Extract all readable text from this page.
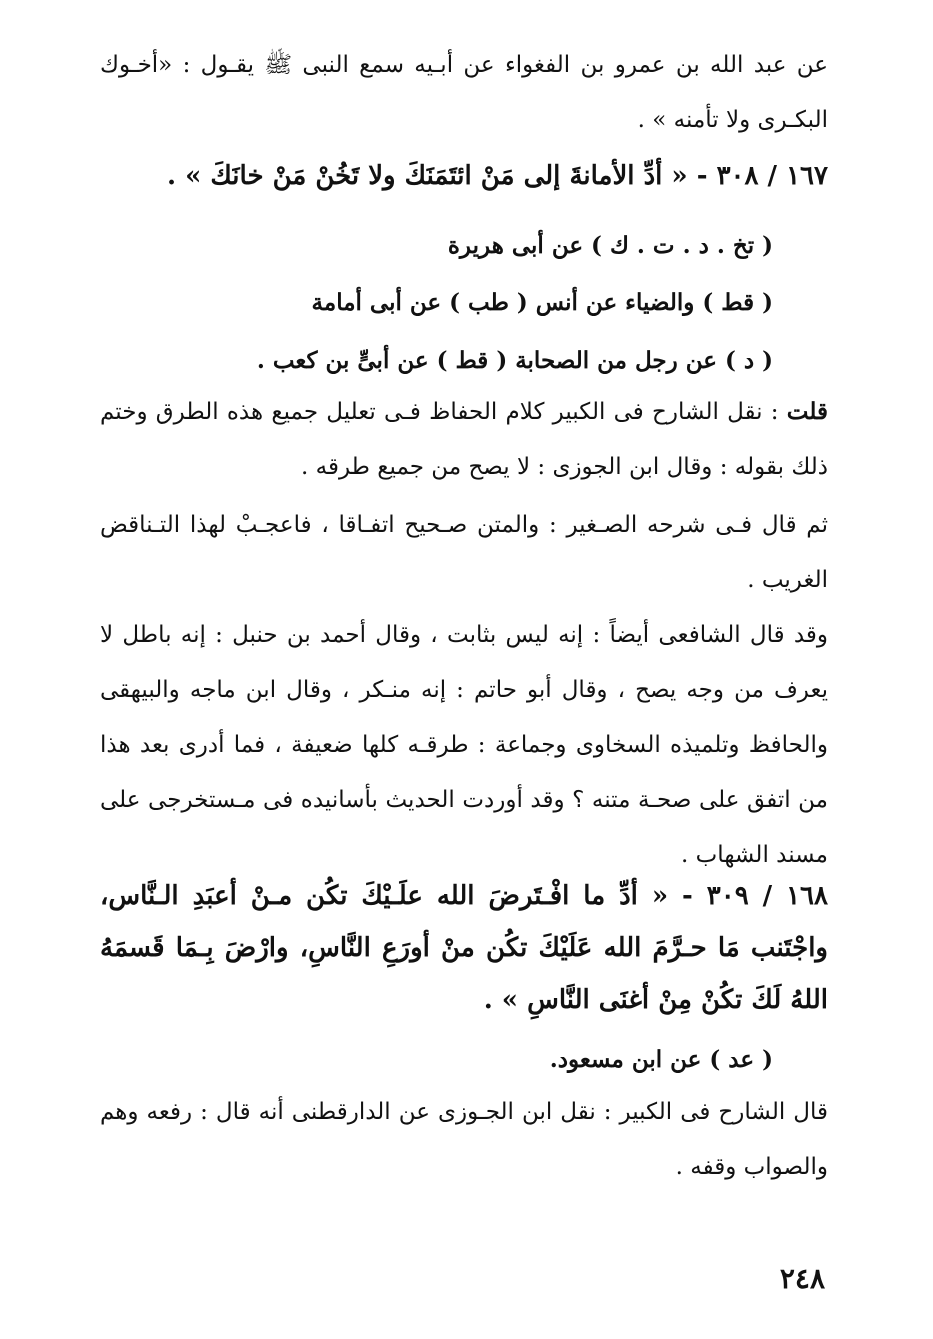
عن عبد الله بن عمرو بن الفغواء عن أبـيه سمع النبى ﷺ يقـول : «أخـوك البكـرى ولا تأمنه » .

١٦٧ / ٣٠٨ - « أدِّ الأمانةَ إلى مَنْ ائتَمَنَكَ ولا تَخُنْ مَنْ خانَكَ » .

( تخ . د . ت . ك ) عن أبى هريرة

( قط ) والضياء عن أنس ( طب ) عن أبى أمامة

( د ) عن رجل من الصحابة ( قط ) عن أبىٍّ بن كعب .

قلت : نقل الشارح فى الكبير كلام الحفاظ فـى تعليل جميع هذه الطرق وختم ذلك بقوله : وقال ابن الجوزى : لا يصح من جميع طرقه .

ثم قال فـى شرحه الصـغير : والمتن صـحيح اتفـاقا ، فاعجـبْ لهذا التـناقض الغريب .

وقد قال الشافعى أيضاً : إنه ليس بثابت ، وقال أحمد بن حنبل : إنه باطل لا يعرف من وجه يصح ، وقال أبو حاتم : إنه منـكر ، وقال ابن ماجه والبيهقى والحافظ وتلميذه السخاوى وجماعة : طرقـه كلها ضعيفة ، فما أدرى بعد هذا من اتفق على صحـة متنه ؟ وقد أوردت الحديث بأسانيده فى مـستخرجى على مسند الشهاب .

١٦٨ / ٣٠٩ - « أدِّ ما افْـتَرضَ الله علَـيْكَ تكُن مـنْ أعبَدِ الـنَّاس، واجْتَنب مَا حـرَّمَ الله عَلَيْكَ تكُن منْ أورَعِ النَّاسِ، وارْضَ بِـمَا قَسمَهُ اللهُ لَكَ تكُنْ مِنْ أغنَى النَّاسِ » .

( عد ) عن ابن مسعود.

قال الشارح فى الكبير : نقل ابن الجـوزى عن الدارقطنى أنه قال : رفعه وهم والصواب وقفه .

٢٤٨
